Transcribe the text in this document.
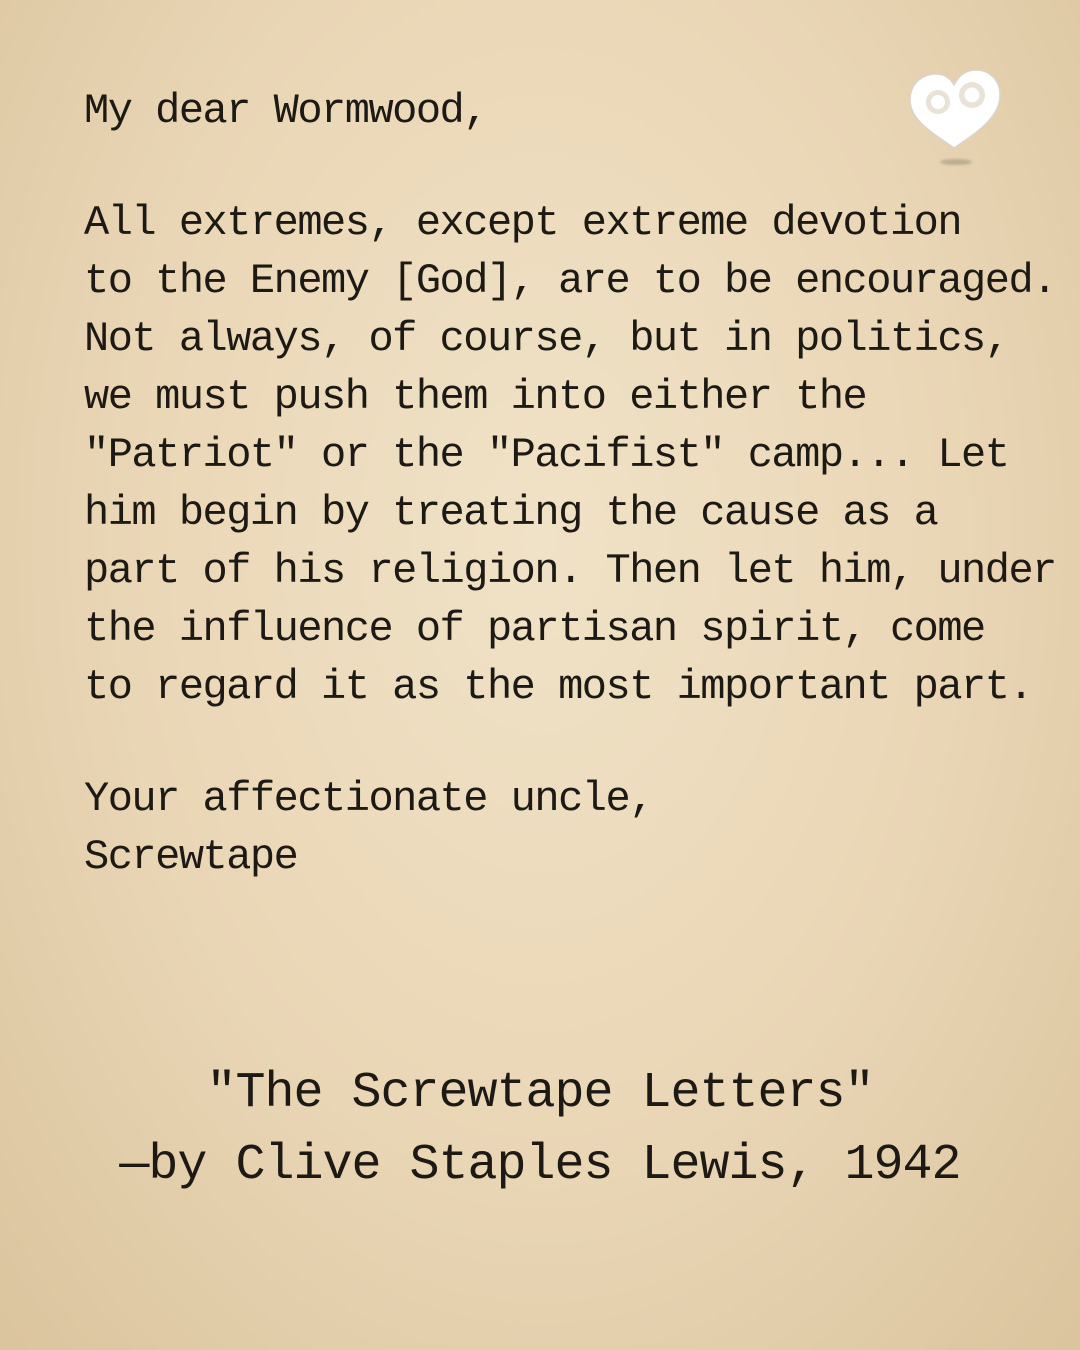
My dear Wormwood,
All extremes, except extreme devotion
to the Enemy [God], are to be encouraged.
Not always, of course, but in politics,
we must push them into either the
"Patriot" or the "Pacifist" camp... Let
him begin by treating the cause as a
part of his religion. Then let him, under
the influence of partisan spirit, come
to regard it as the most important part.
Your affectionate uncle,
Screwtape
"The Screwtape Letters"
—by Clive Staples Lewis, 1942
